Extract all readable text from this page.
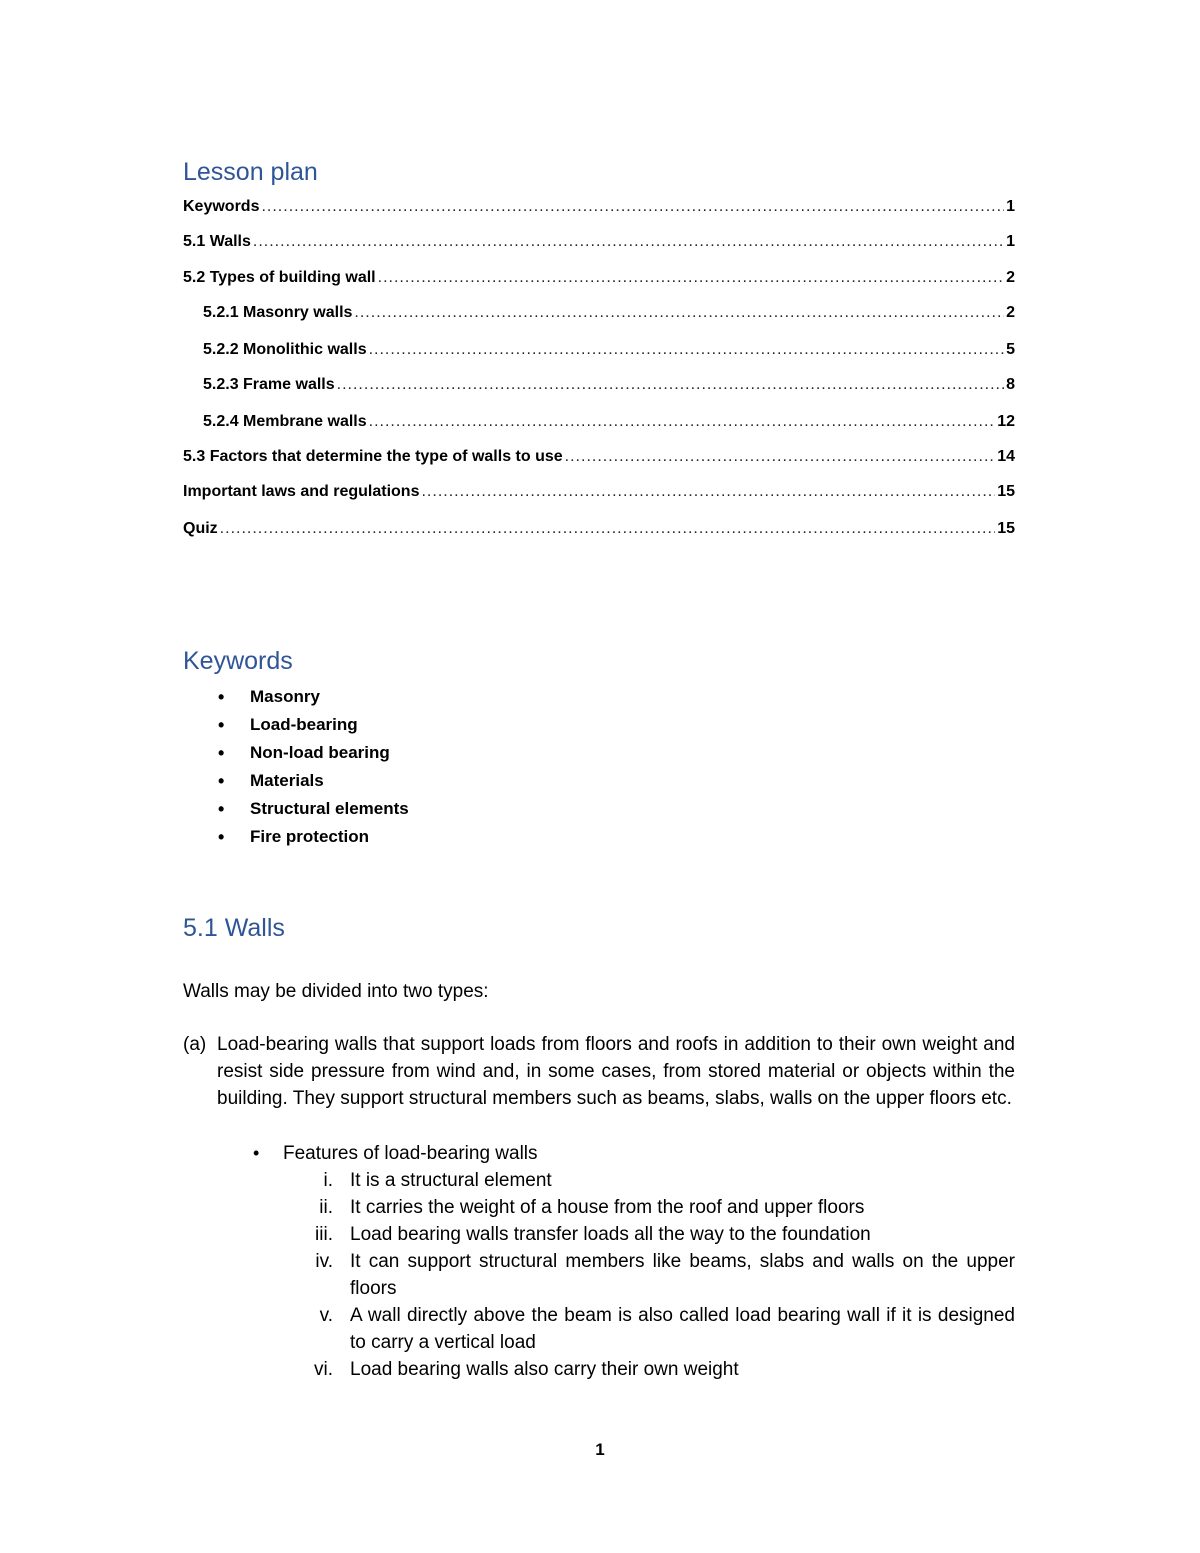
Lesson plan
Keywords .....	1
5.1 Walls .....	1
5.2 Types of building wall .....	2
5.2.1 Masonry walls .....	2
5.2.2 Monolithic walls .....	5
5.2.3 Frame walls .....	8
5.2.4 Membrane walls .....	12
5.3 Factors that determine the type of walls to use .....	14
Important laws and regulations .....	15
Quiz .....	15
Keywords
• Masonry
• Load-bearing
• Non-load bearing
• Materials
• Structural elements
• Fire protection
5.1 Walls

Walls may be divided into two types:

(a) Load-bearing walls that support loads from floors and roofs in addition to their own weight and resist side pressure from wind and, in some cases, from stored material or objects within the building. They support structural members such as beams, slabs, walls on the upper floors etc.
• Features of load-bearing walls
i. It is a structural element
ii. It carries the weight of a house from the roof and upper floors
iii. Load bearing walls transfer loads all the way to the foundation
iv. It can support structural members like beams, slabs and walls on the upper floors
v. A wall directly above the beam is also called load bearing wall if it is designed to carry a vertical load
vi. Load bearing walls also carry their own weight
1
